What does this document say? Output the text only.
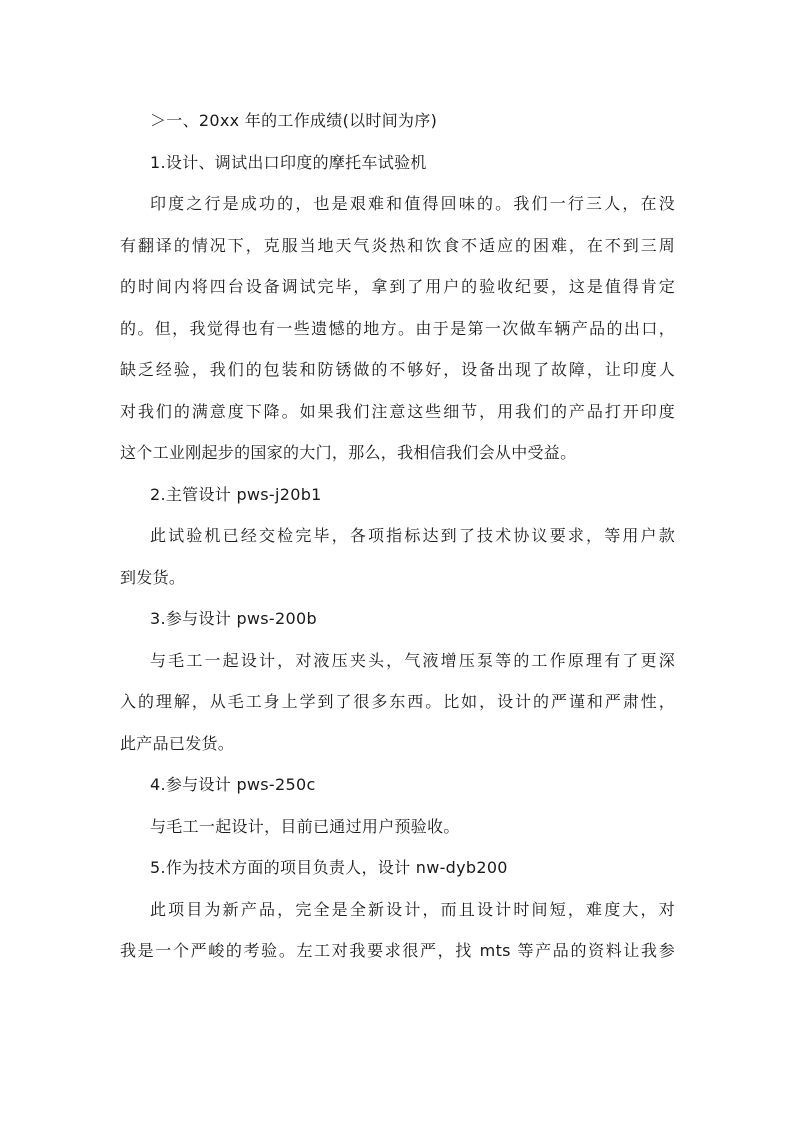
＞一、20xx 年的工作成绩(以时间为序)
1.设计、调试出口印度的摩托车试验机
印度之行是成功的，也是艰难和值得回味的。我们一行三人，在没
有翻译的情况下，克服当地天气炎热和饮食不适应的困难，在不到三周
的时间内将四台设备调试完毕，拿到了用户的验收纪要，这是值得肯定
的。但，我觉得也有一些遗憾的地方。由于是第一次做车辆产品的出口，
缺乏经验，我们的包装和防锈做的不够好，设备出现了故障，让印度人
对我们的满意度下降。如果我们注意这些细节，用我们的产品打开印度
这个工业刚起步的国家的大门，那么，我相信我们会从中受益。
2.主管设计 pws-j20b1
此试验机已经交检完毕，各项指标达到了技术协议要求，等用户款
到发货。
3.参与设计 pws-200b
与毛工一起设计，对液压夹头，气液增压泵等的工作原理有了更深
入的理解，从毛工身上学到了很多东西。比如，设计的严谨和严肃性，
此产品已发货。
4.参与设计 pws-250c
与毛工一起设计，目前已通过用户预验收。
5.作为技术方面的项目负责人，设计 nw-dyb200
此项目为新产品，完全是全新设计，而且设计时间短，难度大，对
我是一个严峻的考验。左工对我要求很严，找 mts 等产品的资料让我参
